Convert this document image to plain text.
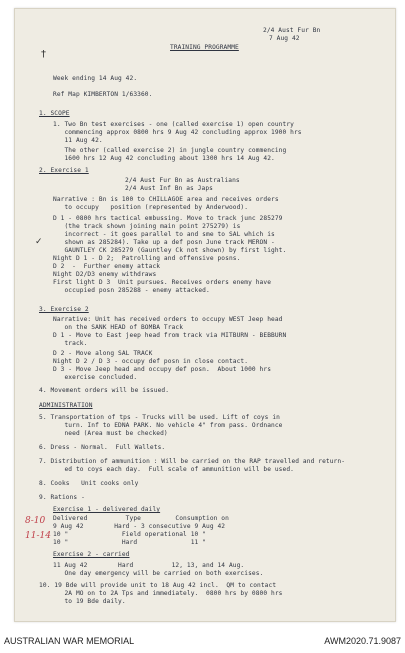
2/4 Aust Fur Bn
7 Aug 42
TRAINING PROGRAMME
Week ending 14 Aug 42.
Ref Map KIMBERTON 1/63360.
1. SCOPE
1. Two Bn test exercises - one (called exercise 1) open country
commencing approx 0800 hrs 9 Aug 42 concluding approx 1900 hrs
11 Aug 42.
The other (called exercise 2) in jungle country commencing
1600 hrs 12 Aug 42 concluding about 1300 hrs 14 Aug 42.
2. Exercise 1
2/4 Aust Fur Bn as Australians
2/4 Aust Inf Bn as Japs
Narrative : Bn is 100 to CHILLAGOE area and receives orders
to occupy   position (represented by Anderwood).
D 1 - 0800 hrs tactical embussing. Move to track junc 285279
(the track shown joining main point 275279) is
incorrect - it goes parallel to and sme to SAL which is
shown as 285284). Take up a def posn June track MERON -
GAUNTLEY CK 285279 (Gauntley Ck not shown) by first light.
Night D 1 - D 2;  Patrolling and offensive posns.
D 2  -  Further enemy attack
Night D2/D3 enemy withdraws
First light D 3  Unit pursues. Receives orders enemy have
occupied posn 285288 - enemy attacked.
3. Exercise 2
Narrative: Unit has received orders to occupy WEST Jeep head
on the SANK HEAD of BOMBA Track
D 1 - Move to East jeep head from track via MITBURN - BEBBURN
track.
D 2 - Move along SAL TRACK
Night D 2 / D 3 - occupy def posn in close contact.
D 3 - Move Jeep head and occupy def posn.  About 1000 hrs
exercise concluded.
4. Movement orders will be issued.
ADMINISTRATION
5. Transportation of tps - Trucks will be used. Lift of coys in
turn. Inf to EDNA PARK. No vehicle 4" from pass. Ordnance
need (Area must be checked)
6. Dress - Normal.  Full Wallets.
7. Distribution of ammunition : Will be carried on the RAP travelled and return-
ed to coys each day.  Full scale of ammunition will be used.
8. Cooks   Unit cooks only
9. Rations -
Exercise 1 - delivered daily
Delivered          Type         Consumption on
9 Aug 42        Hard - 3 consecutive 9 Aug 42
10 "              Field operational 10 "
10 "              Hard              11 "
Exercise 2 - carried
11 Aug 42        Hard          12, 13, and 14 Aug.
One day emergency will be carried on both exercises.
10. 19 Bde will provide unit to 18 Aug 42 incl.  QM to contact
2A MO on to 2A Tps and immediately.  0800 hrs by 0800 hrs
to 19 Bde daily.
8-10
11-14
†
✓
AUSTRALIAN WAR MEMORIAL	AWM2020.71.9087
